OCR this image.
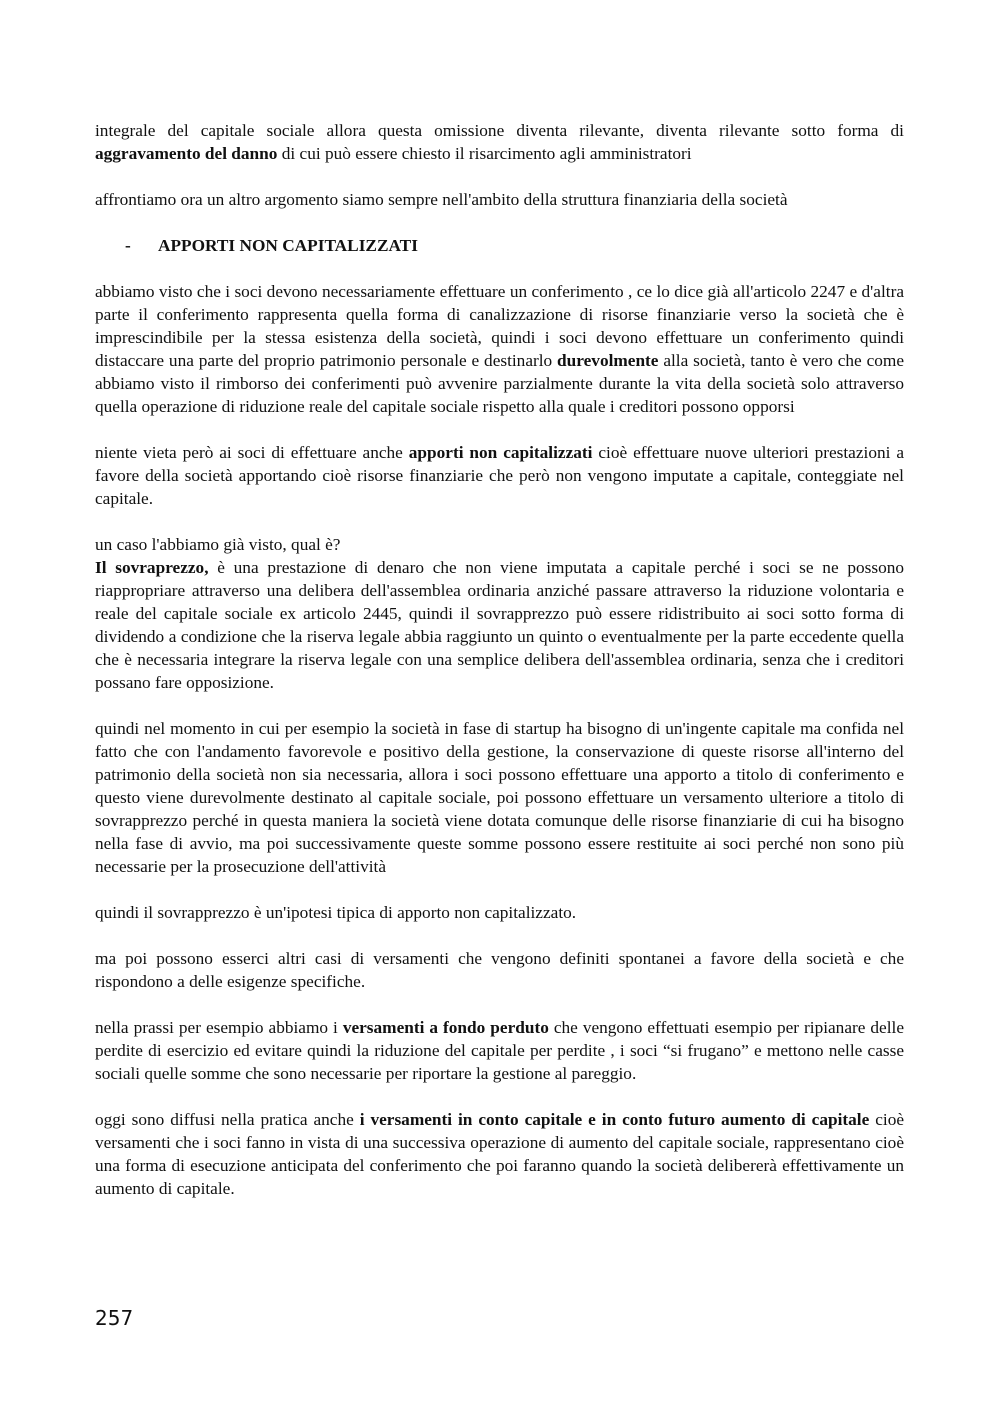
integrale del capitale sociale allora questa omissione diventa rilevante, diventa rilevante sotto forma di aggravamento del danno di cui può essere chiesto il risarcimento agli amministratori

affrontiamo ora un altro argomento siamo sempre nell'ambito della struttura finanziaria della società

-	APPORTI NON CAPITALIZZATI

abbiamo visto che i soci devono necessariamente effettuare un conferimento , ce lo dice già all'articolo 2247 e d'altra parte il conferimento rappresenta quella forma di canalizzazione di risorse finanziarie verso la società che è imprescindibile per la stessa esistenza della società, quindi i soci devono effettuare un conferimento quindi distaccare una parte del proprio patrimonio personale e destinarlo durevolmente alla società, tanto è vero che come abbiamo visto il rimborso dei conferimenti può avvenire parzialmente durante la vita della società solo attraverso quella operazione di riduzione reale del capitale sociale rispetto alla quale i creditori possono opporsi

niente vieta però ai soci di effettuare anche apporti non capitalizzati cioè effettuare nuove ulteriori prestazioni a favore della società apportando cioè risorse finanziarie che però non vengono imputate a capitale, conteggiate nel capitale.

un caso l'abbiamo già visto, qual è?

Il sovraprezzo, è una prestazione di denaro che non viene imputata a capitale perché i soci se ne possono riappropriare attraverso una delibera dell'assemblea ordinaria anziché passare attraverso la riduzione volontaria e reale del capitale sociale ex articolo 2445, quindi il sovrapprezzo può essere ridistribuito ai soci sotto forma di dividendo a condizione che la riserva legale abbia raggiunto un quinto o eventualmente per la parte eccedente quella che è necessaria integrare la riserva legale con una semplice delibera dell'assemblea ordinaria, senza che i creditori possano fare opposizione.

quindi nel momento in cui per esempio la società in fase di startup ha bisogno di un'ingente capitale ma confida nel fatto che con l'andamento favorevole e positivo della gestione, la conservazione di queste risorse all'interno del patrimonio della società non sia necessaria, allora i soci possono effettuare una apporto a titolo di conferimento e questo viene durevolmente destinato al capitale sociale, poi possono effettuare un versamento ulteriore a titolo di sovrapprezzo perché in questa maniera la società viene dotata comunque delle risorse finanziarie di cui ha bisogno nella fase di avvio, ma poi successivamente queste somme possono essere restituite ai soci perché non sono più necessarie per la prosecuzione dell'attività

quindi il sovrapprezzo è un'ipotesi tipica di apporto non capitalizzato.

ma poi possono esserci altri casi di versamenti che vengono definiti spontanei a favore della società e che rispondono a delle esigenze specifiche.

nella prassi per esempio abbiamo i versamenti a fondo perduto che vengono effettuati esempio per ripianare delle perdite di esercizio ed evitare quindi la riduzione del capitale per perdite , i soci “si frugano” e mettono nelle casse sociali quelle somme che sono necessarie per riportare la gestione al pareggio.

oggi sono diffusi nella pratica anche i versamenti in conto capitale e in conto futuro aumento di capitale cioè versamenti che i soci fanno in vista di una successiva operazione di aumento del capitale sociale, rappresentano cioè una forma di esecuzione anticipata del conferimento che poi faranno quando la società delibererà effettivamente un aumento di capitale.

257
